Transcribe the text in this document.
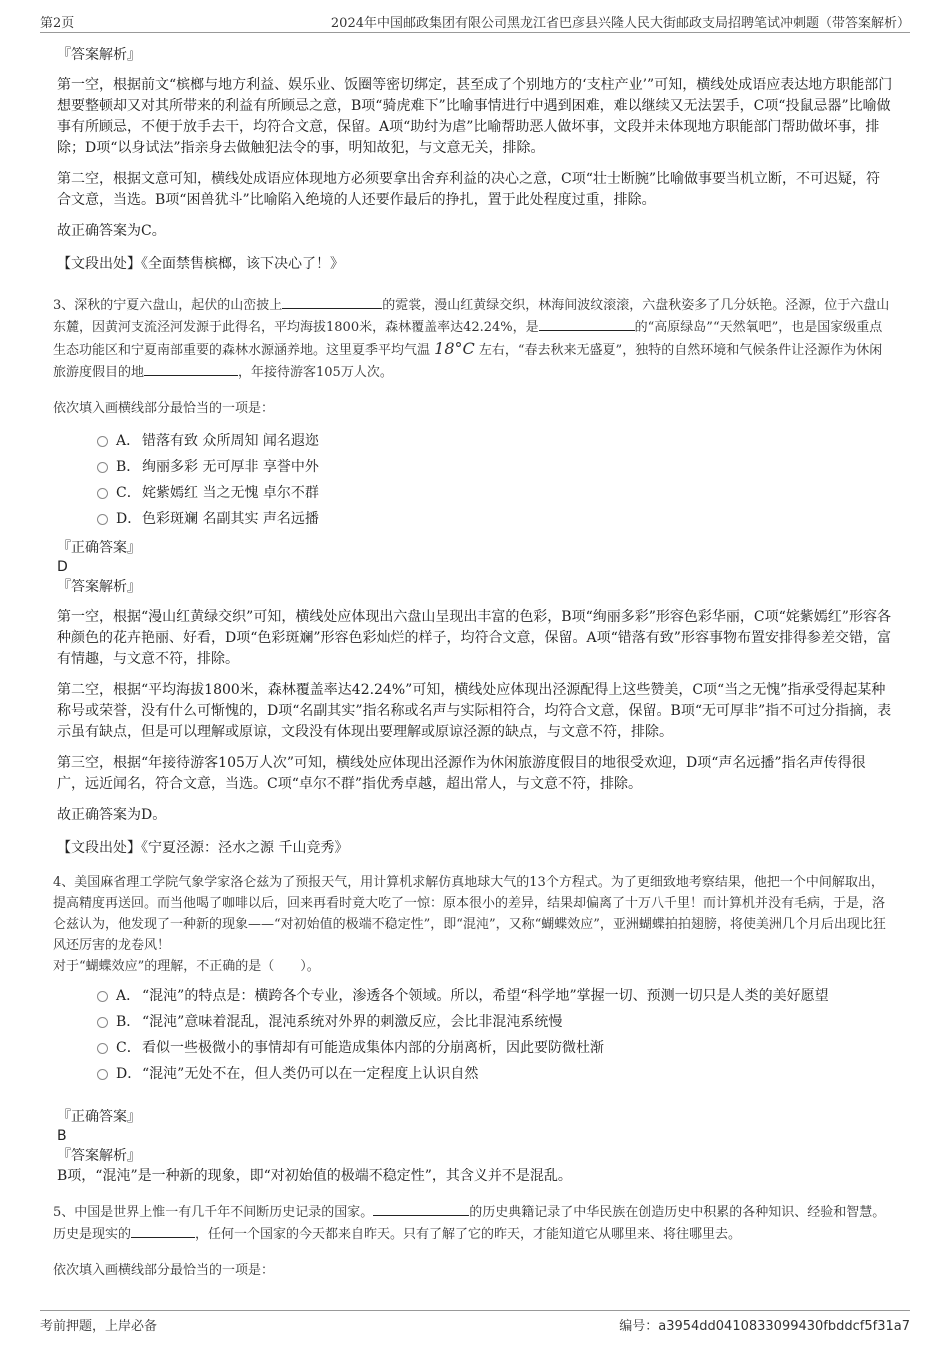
第2页	2024年中国邮政集团有限公司黑龙江省巴彦县兴隆人民大街邮政支局招聘笔试冲刺题（带答案解析）

『答案解析』

第一空，根据前文“槟榔与地方利益、娱乐业、饭圈等密切绑定，甚至成了个别地方的‘支柱产业’”可知，横线处成语应表达地方职能部门想要整顿却又对其所带来的利益有所顾忌之意，B项“骑虎难下”比喻事情进行中遇到困难，难以继续又无法罢手，C项“投鼠忌器”比喻做事有所顾忌，不便于放手去干，均符合文意，保留。A项“助纣为虐”比喻帮助恶人做坏事，文段并未体现地方职能部门帮助做坏事，排除；D项“以身试法”指亲身去做触犯法令的事，明知故犯，与文意无关，排除。

第二空，根据文意可知，横线处成语应体现地方必须要拿出舍弃利益的决心之意，C项“壮士断腕”比喻做事要当机立断，不可迟疑，符合文意，当选。B项“困兽犹斗”比喻陷入绝境的人还要作最后的挣扎，置于此处程度过重，排除。

故正确答案为C。

【文段出处】《全面禁售槟榔，该下决心了！》

3、深秋的宁夏六盘山，起伏的山峦披上	的霓裳，漫山红黄绿交织，林海间波纹滚滚，六盘秋姿多了几分妖艳。泾源，位于六盘山东麓，因黄河支流泾河发源于此得名，平均海拔1800米，森林覆盖率达42.24%，是	的“高原绿岛”“天然氧吧”，也是国家级重点生态功能区和宁夏南部重要的森林水源涵养地。这里夏季平均气温 18°C 左右，“春去秋来无盛夏”，独特的自然环境和气候条件让泾源作为休闲旅游度假目的地	，年接待游客105万人次。

依次填入画横线部分最恰当的一项是：

A． 错落有致 众所周知 闻名遐迩
B． 绚丽多彩 无可厚非 享誉中外
C．姹紫嫣红 当之无愧 卓尔不群
D．色彩斑斓 名副其实 声名远播

『正确答案』

D

『答案解析』

第一空，根据“漫山红黄绿交织”可知，横线处应体现出六盘山呈现出丰富的色彩，B项“绚丽多彩”形容色彩华丽，C项“姹紫嫣红”形容各种颜色的花卉艳丽、好看，D项“色彩斑斓”形容色彩灿烂的样子，均符合文意，保留。A项“错落有致”形容事物布置安排得参差交错，富有情趣，与文意不符，排除。

第二空，根据“平均海拔1800米，森林覆盖率达42.24%”可知，横线处应体现出泾源配得上这些赞美，C项“当之无愧”指承受得起某种称号或荣誉，没有什么可惭愧的，D项“名副其实”指名称或名声与实际相符合，均符合文意，保留。B项“无可厚非”指不可过分指摘，表示虽有缺点，但是可以理解或原谅，文段没有体现出要理解或原谅泾源的缺点，与文意不符，排除。

第三空，根据“年接待游客105万人次”可知，横线处应体现出泾源作为休闲旅游度假目的地很受欢迎，D项“声名远播”指名声传得很广，远近闻名，符合文意，当选。C项“卓尔不群”指优秀卓越，超出常人，与文意不符，排除。

故正确答案为D。

【文段出处】《宁夏泾源：泾水之源 千山竞秀》

4、美国麻省理工学院气象学家洛仑兹为了预报天气，用计算机求解仿真地球大气的13个方程式。为了更细致地考察结果，他把一个中间解取出，提高精度再送回。而当他喝了咖啡以后，回来再看时竟大吃了一惊：原本很小的差异，结果却偏离了十万八千里！而计算机并没有毛病，于是，洛仑兹认为，他发现了一种新的现象——“对初始值的极端不稳定性”，即“混沌”，又称“蝴蝶效应”，亚洲蝴蝶拍拍翅膀，将使美洲几个月后出现比狂风还厉害的龙卷风！

对于“蝴蝶效应”的理解，不正确的是（　　）。

A． “混沌”的特点是：横跨各个专业，渗透各个领域。所以，希望“科学地”掌握一切、预测一切只是人类的美好愿望
B． “混沌”意味着混乱，混沌系统对外界的刺激反应，会比非混沌系统慢
C．看似一些极微小的事情却有可能造成集体内部的分崩离析，因此要防微杜渐
D．“混沌”无处不在，但人类仍可以在一定程度上认识自然

『正确答案』

B

『答案解析』

B项，“混沌”是一种新的现象，即“对初始值的极端不稳定性”，其含义并不是混乱。

5、中国是世界上惟一有几千年不间断历史记录的国家。	的历史典籍记录了中华民族在创造历史中积累的各种知识、经验和智慧。历史是现实的	，任何一个国家的今天都来自昨天。只有了解了它的昨天，才能知道它从哪里来、将往哪里去。

依次填入画横线部分最恰当的一项是：

考前押题，上岸必备	编号：a3954dd0410833099430fbddcf5f31a7
